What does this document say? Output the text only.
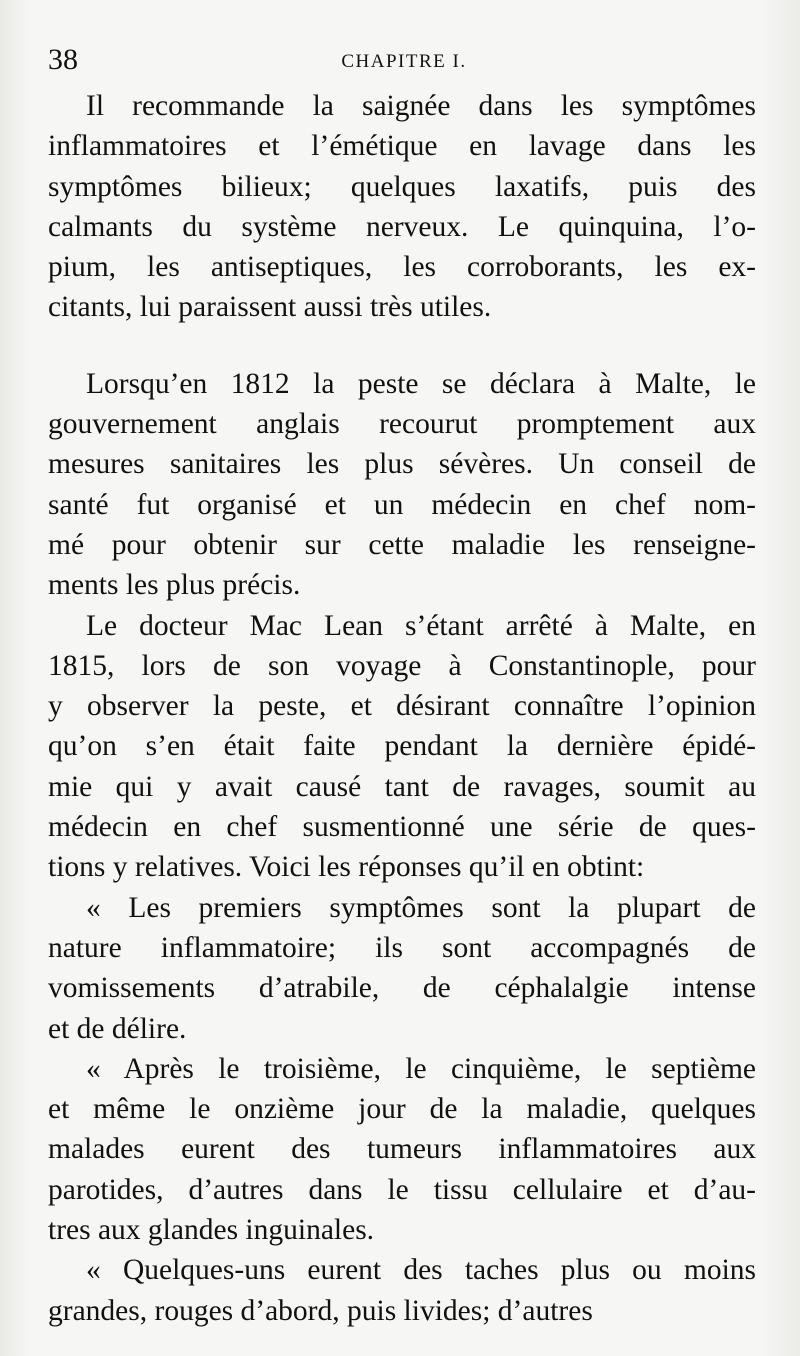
38	CHAPITRE I.
Il recommande la saignée dans les symptômes
inflammatoires et l’émétique en lavage dans les
symptômes bilieux; quelques laxatifs, puis des
calmants du système nerveux. Le quinquina, l’o-
pium, les antiseptiques, les corroborants, les ex-
citants, lui paraissent aussi très utiles.
Lorsqu’en 1812 la peste se déclara à Malte, le
gouvernement anglais recourut promptement aux
mesures sanitaires les plus sévères. Un conseil de
santé fut organisé et un médecin en chef nom-
mé pour obtenir sur cette maladie les renseigne-
ments les plus précis.
Le docteur Mac Lean s’étant arrêté à Malte, en
1815, lors de son voyage à Constantinople, pour
y observer la peste, et désirant connaître l’opinion
qu’on s’en était faite pendant la dernière épidé-
mie qui y avait causé tant de ravages, soumit au
médecin en chef susmentionné une série de ques-
tions y relatives. Voici les réponses qu’il en obtint:
« Les premiers symptômes sont la plupart de
nature inflammatoire; ils sont accompagnés de
vomissements d’atrabile, de céphalalgie intense
et de délire.
« Après le troisième, le cinquième, le septième
et même le onzième jour de la maladie, quelques
malades eurent des tumeurs inflammatoires aux
parotides, d’autres dans le tissu cellulaire et d’au-
tres aux glandes inguinales.
« Quelques-uns eurent des taches plus ou moins
grandes, rouges d’abord, puis livides; d’autres
